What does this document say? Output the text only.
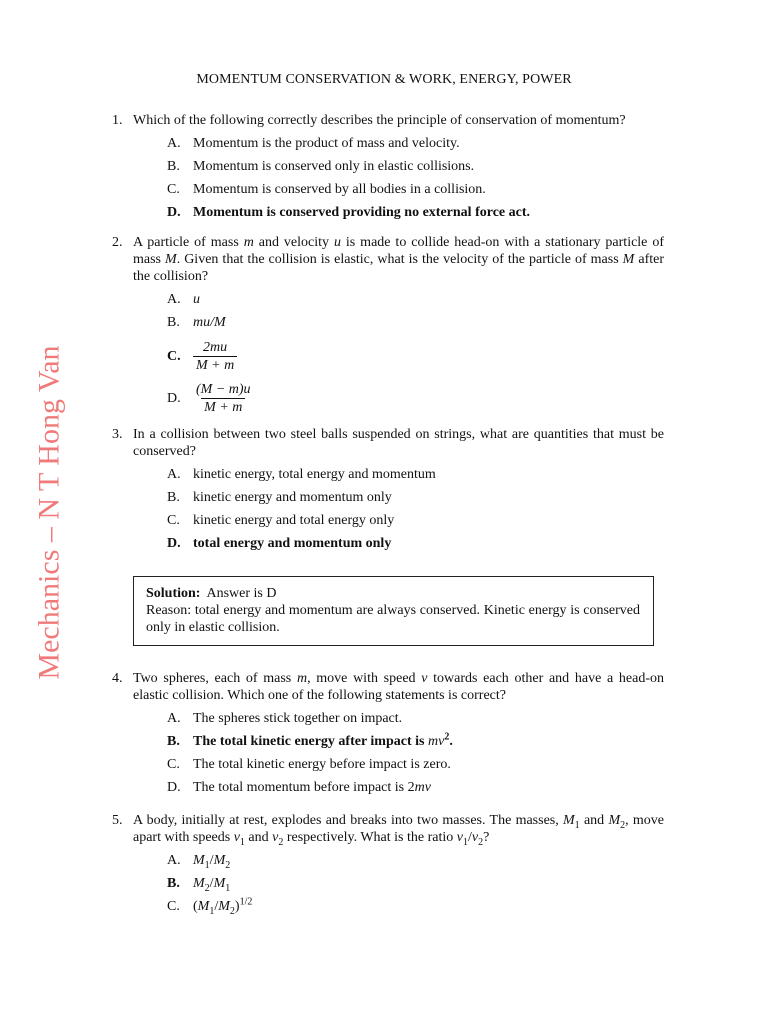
Mechanics – N T Hong Van
MOMENTUM CONSERVATION & WORK, ENERGY, POWER
1. Which of the following correctly describes the principle of conservation of momentum?
A. Momentum is the product of mass and velocity.
B. Momentum is conserved only in elastic collisions.
C. Momentum is conserved by all bodies in a collision.
D. Momentum is conserved providing no external force act.
2. A particle of mass m and velocity u is made to collide head-on with a stationary particle of mass M. Given that the collision is elastic, what is the velocity of the particle of mass M after the collision?
A. u
B. mu/M
C. $\frac{2mu}{M + m}$
D. $\frac{(M - m)u}{M + m}$
3. In a collision between two steel balls suspended on strings, what are quantities that must be conserved?
A. kinetic energy, total energy and momentum
B. kinetic energy and momentum only
C. kinetic energy and total energy only
D. total energy and momentum only
Solution: Answer is D
Reason: total energy and momentum are always conserved. Kinetic energy is conserved only in elastic collision.
4. Two spheres, each of mass m, move with speed v towards each other and have a head-on elastic collision. Which one of the following statements is correct?
A. The spheres stick together on impact.
B. The total kinetic energy after impact is $mv^2$.
C. The total kinetic energy before impact is zero.
D. The total momentum before impact is 2mv
5. A body, initially at rest, explodes and breaks into two masses. The masses, $M_1$ and $M_2$, move apart with speeds $v_1$ and $v_2$ respectively. What is the ratio $v_1/v_2$?
A. $M_1/M_2$
B. $M_2/M_1$
C. $(M_1/M_2)^{1/2}$
